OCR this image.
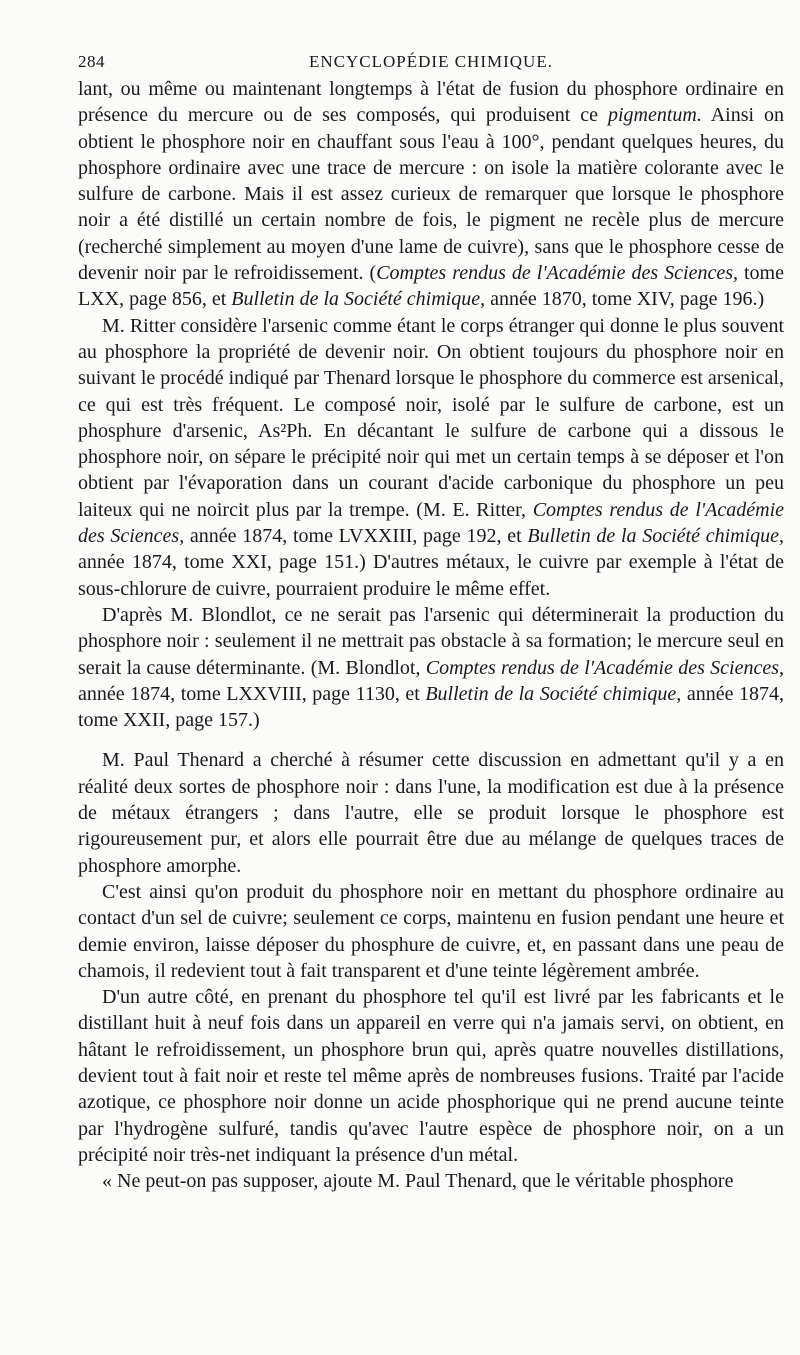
284	ENCYCLOPÉDIE CHIMIQUE.

lant, ou même ou maintenant longtemps à l'état de fusion du phosphore ordinaire en présence du mercure ou de ses composés, qui produisent ce pigmentum. Ainsi on obtient le phosphore noir en chauffant sous l'eau à 100°, pendant quelques heures, du phosphore ordinaire avec une trace de mercure : on isole la matière colorante avec le sulfure de carbone. Mais il est assez curieux de remarquer que lorsque le phosphore noir a été distillé un certain nombre de fois, le pigment ne recèle plus de mercure (recherché simplement au moyen d'une lame de cuivre), sans que le phosphore cesse de devenir noir par le refroidissement. (Comptes rendus de l'Académie des Sciences, tome LXX, page 856, et Bulletin de la Société chimique, année 1870, tome XIV, page 196.)

M. Ritter considère l'arsenic comme étant le corps étranger qui donne le plus souvent au phosphore la propriété de devenir noir. On obtient toujours du phosphore noir en suivant le procédé indiqué par Thenard lorsque le phosphore du commerce est arsenical, ce qui est très fréquent. Le composé noir, isolé par le sulfure de carbone, est un phosphure d'arsenic, As²Ph. En décantant le sulfure de carbone qui a dissous le phosphore noir, on sépare le précipité noir qui met un certain temps à se déposer et l'on obtient par l'évaporation dans un courant d'acide carbonique du phosphore un peu laiteux qui ne noircit plus par la trempe. (M. E. Ritter, Comptes rendus de l'Académie des Sciences, année 1874, tome LVXXIII, page 192, et Bulletin de la Société chimique, année 1874, tome XXI, page 151.) D'autres métaux, le cuivre par exemple à l'état de sous-chlorure de cuivre, pourraient produire le même effet.

D'après M. Blondlot, ce ne serait pas l'arsenic qui déterminerait la production du phosphore noir : seulement il ne mettrait pas obstacle à sa formation; le mercure seul en serait la cause déterminante. (M. Blondlot, Comptes rendus de l'Académie des Sciences, année 1874, tome LXXVIII, page 1130, et Bulletin de la Société chimique, année 1874, tome XXII, page 157.)

M. Paul Thenard a cherché à résumer cette discussion en admettant qu'il y a en réalité deux sortes de phosphore noir : dans l'une, la modification est due à la présence de métaux étrangers ; dans l'autre, elle se produit lorsque le phosphore est rigoureusement pur, et alors elle pourrait être due au mélange de quelques traces de phosphore amorphe.

C'est ainsi qu'on produit du phosphore noir en mettant du phosphore ordinaire au contact d'un sel de cuivre; seulement ce corps, maintenu en fusion pendant une heure et demie environ, laisse déposer du phosphure de cuivre, et, en passant dans une peau de chamois, il redevient tout à fait transparent et d'une teinte légèrement ambrée.

D'un autre côté, en prenant du phosphore tel qu'il est livré par les fabricants et le distillant huit à neuf fois dans un appareil en verre qui n'a jamais servi, on obtient, en hâtant le refroidissement, un phosphore brun qui, après quatre nouvelles distillations, devient tout à fait noir et reste tel même après de nombreuses fusions. Traité par l'acide azotique, ce phosphore noir donne un acide phosphorique qui ne prend aucune teinte par l'hydrogène sulfuré, tandis qu'avec l'autre espèce de phosphore noir, on a un précipité noir très-net indiquant la présence d'un métal.

« Ne peut-on pas supposer, ajoute M. Paul Thenard, que le véritable phosphore
